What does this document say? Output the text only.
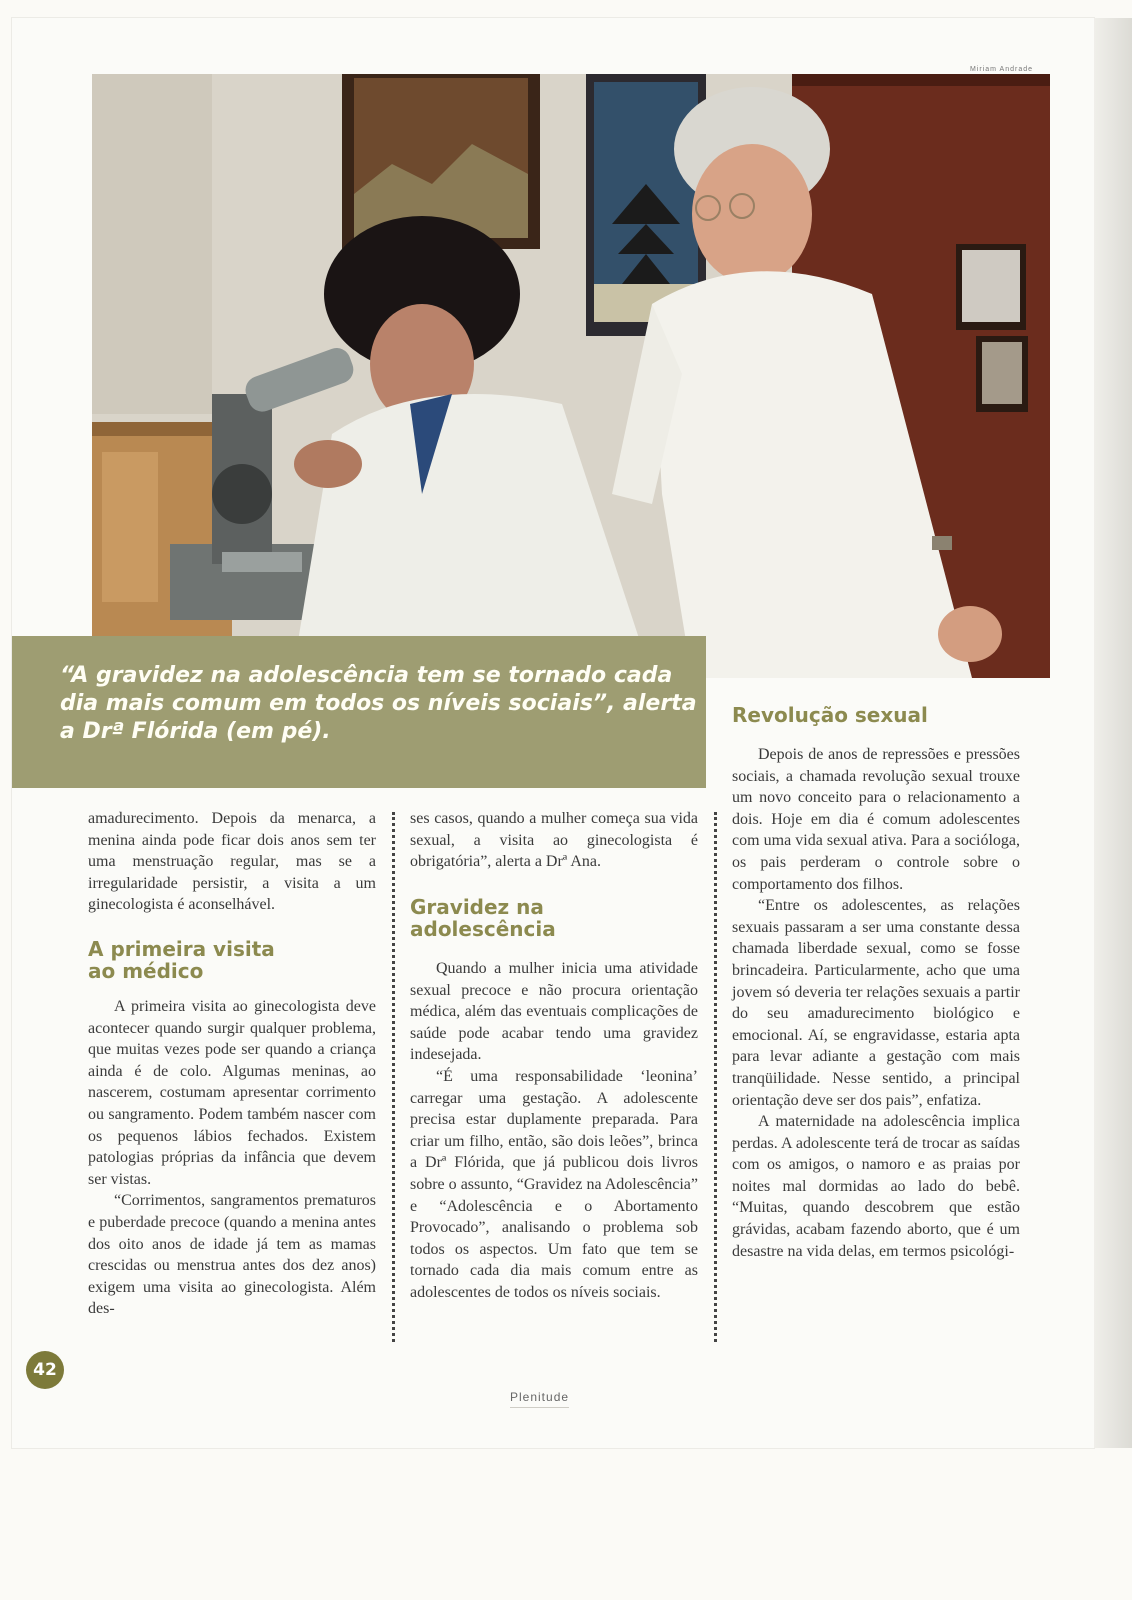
Miriam Andrade
“A gravidez na adolescência tem se tornado cada dia mais comum em todos os níveis sociais”, alerta a Drª Flórida (em pé).

amadurecimento. Depois da menarca, a menina ainda pode ficar dois anos sem ter uma menstruação regular, mas se a irregularidade persistir, a visita a um ginecologista é aconselhável.

A primeira visita
ao médico

A primeira visita ao ginecologista deve acontecer quando surgir qualquer problema, que muitas vezes pode ser quando a criança ainda é de colo. Algumas meninas, ao nascerem, costumam apresentar corrimento ou sangramento. Podem também nascer com os pequenos lábios fechados. Existem patologias próprias da infância que devem ser vistas.

“Corrimentos, sangramentos prematuros e puberdade precoce (quando a menina antes dos oito anos de idade já tem as mamas crescidas ou menstrua antes dos dez anos) exigem uma visita ao ginecologista. Além des-

ses casos, quando a mulher começa sua vida sexual, a visita ao ginecologista é obrigatória”, alerta a Drª Ana.

Gravidez na
adolescência

Quando a mulher inicia uma atividade sexual precoce e não procura orientação médica, além das eventuais complicações de saúde pode acabar tendo uma gravidez indesejada.

“É uma responsabilidade ‘leonina’ carregar uma gestação. A adolescente precisa estar duplamente preparada. Para criar um filho, então, são dois leões”, brinca a Drª Flórida, que já publicou dois livros sobre o assunto, “Gravidez na Adolescência” e “Adolescência e o Abortamento Provocado”, analisando o problema sob todos os aspectos. Um fato que tem se tornado cada dia mais comum entre as adolescentes de todos os níveis sociais.

Revolução sexual

Depois de anos de repressões e pressões sociais, a chamada revolução sexual trouxe um novo conceito para o relacionamento a dois. Hoje em dia é comum adolescentes com uma vida sexual ativa. Para a socióloga, os pais perderam o controle sobre o comportamento dos filhos.

“Entre os adolescentes, as relações sexuais passaram a ser uma constante dessa chamada liberdade sexual, como se fosse brincadeira. Particularmente, acho que uma jovem só deveria ter relações sexuais a partir do seu amadurecimento biológico e emocional. Aí, se engravidasse, estaria apta para levar adiante a gestação com mais tranqüilidade. Nesse sentido, a principal orientação deve ser dos pais”, enfatiza.

A maternidade na adolescência implica perdas. A adolescente terá de trocar as saídas com os amigos, o namoro e as praias por noites mal dormidas ao lado do bebê. “Muitas, quando descobrem que estão grávidas, acabam fazendo aborto, que é um desastre na vida delas, em termos psicológi-

42
Plenitude
